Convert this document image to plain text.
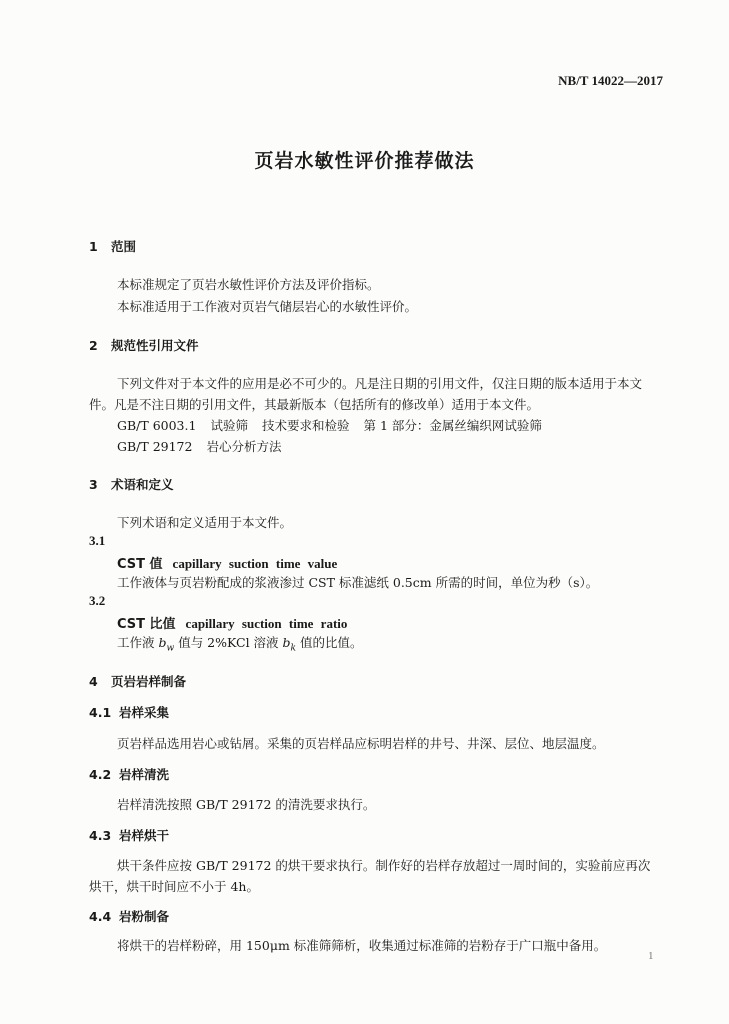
NB/T 14022—2017
页岩水敏性评价推荐做法
1 范围
本标准规定了页岩水敏性评价方法及评价指标。
本标准适用于工作液对页岩气储层岩心的水敏性评价。
2 规范性引用文件
下列文件对于本文件的应用是必不可少的。凡是注日期的引用文件，仅注日期的版本适用于本文
件。凡是不注日期的引用文件，其最新版本（包括所有的修改单）适用于本文件。
GB/T 6003.1 试验筛 技术要求和检验 第 1 部分：金属丝编织网试验筛
GB/T 29172 岩心分析方法
3 术语和定义
下列术语和定义适用于本文件。
3.1
CST 值 capillary suction time value
工作液体与页岩粉配成的浆液渗过 CST 标准滤纸 0.5cm 所需的时间，单位为秒（s）。
3.2
CST 比值 capillary suction time ratio
工作液 $b_w$ 值与 2%KCl 溶液 $b_k$ 值的比值。
4 页岩岩样制备
4.1 岩样采集
页岩样品选用岩心或钻屑。采集的页岩样品应标明岩样的井号、井深、层位、地层温度。
4.2 岩样清洗
岩样清洗按照 GB/T 29172 的清洗要求执行。
4.3 岩样烘干
烘干条件应按 GB/T 29172 的烘干要求执行。制作好的岩样存放超过一周时间的，实验前应再次
烘干，烘干时间应不小于 4h。
4.4 岩粉制备
将烘干的岩样粉碎，用 150μm 标准筛筛析，收集通过标准筛的岩粉存于广口瓶中备用。
1
